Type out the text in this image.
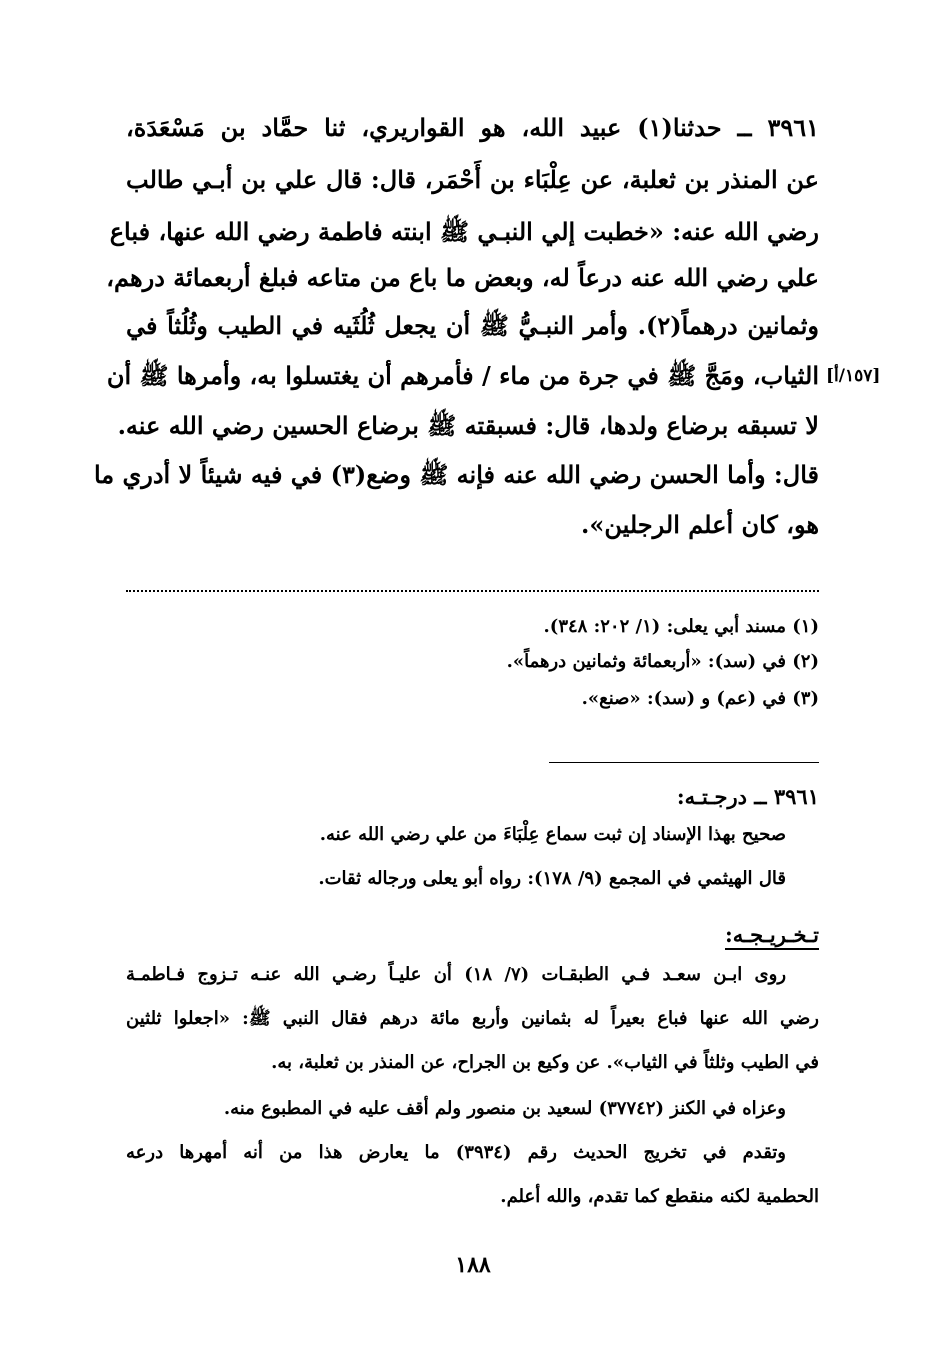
٣٩٦١ ــ حدثنا(١) عبيد الله، هو القواريري، ثنا حمَّاد بن مَسْعَدَة،
عن المنذر بن ثعلبة، عن عِلْبَاء بن أَحْمَر، قال: قال علي بن أبـي طالب
رضي الله عنه: «خطبت إلي النبـي ﷺ ابنته فاطمة رضي الله عنها، فباع
علي رضي الله عنه درعاً له، وبعض ما باع من متاعه فبلغ أربعمائة درهم،
وثمانين درهماً(٢). وأمر النبـيُّ ﷺ أن يجعل ثُلُثَيه في الطيب وثُلُثاً في
الثياب، ومَجَّ ﷺ في جرة من ماء / فأمرهم أن يغتسلوا به، وأمرها ﷺ أن
لا تسبقه برضاع ولدها، قال: فسبقته ﷺ برضاع الحسين رضي الله عنه.
قال: وأما الحسن رضي الله عنه فإنه ﷺ وضع(٣) في فيه شيئاً لا أدري ما
هو، كان أعلم الرجلين».
[١٥٧/أ]
(١) مسند أبي يعلى: (١/ ٢٠٢: ٣٤٨).
(٢) في (سد): «أربعمائة وثمانين درهماً».
(٣) في (عم) و (سد): «صنع».
٣٩٦١ ــ درجـتـه:
صحيح بهذا الإسناد إن ثبت سماع عِلْبَاءَ من علي رضي الله عنه.
قال الهيثمي في المجمع (٩/ ١٧٨): رواه أبو يعلى ورجاله ثقات.
تـخـريـجـه:
روى ابـن سعـد فـي الطبقـات (٧/ ١٨) أن عليـاً رضـي الله عنـه تـزوج فـاطمـة
رضي الله عنها فباع بعيراً له بثمانين وأربع مائة درهم فقال النبي ﷺ: «اجعلوا ثلثين
في الطيب وثلثاً في الثياب». عن وكيع بن الجراح، عن المنذر بن ثعلبة، به.
وعزاه في الكنز (٣٧٧٤٢) لسعيد بن منصور ولم أقف عليه في المطبوع منه.
وتقدم في تخريج الحديث رقم (٣٩٣٤) ما يعارض هذا من أنه أمهرها درعه
الحطمية لكنه منقطع كما تقدم، والله أعلم.
١٨٨
